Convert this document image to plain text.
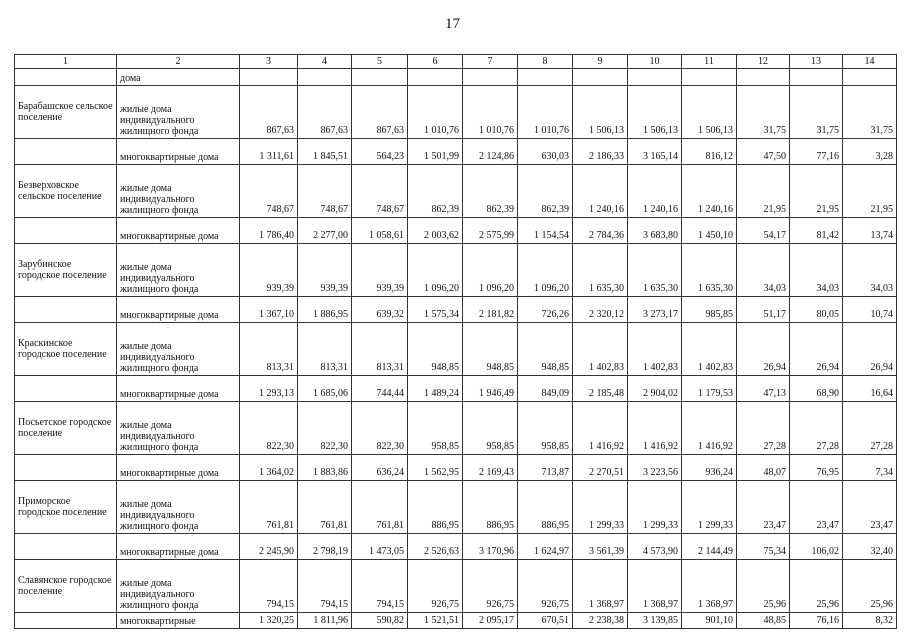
17
1	2	3	4	5	6	7	8	9	10	11	12	13	14
	дома												
Барабашское сельское поселение	жилые дома индивидуального жилищного фонда	867,63	867,63	867,63	1 010,76	1 010,76	1 010,76	1 506,13	1 506,13	1 506,13	31,75	31,75	31,75
	многоквартирные дома	1 311,61	1 845,51	564,23	1 501,99	2 124,86	630,03	2 186,33	3 165,14	816,12	47,50	77,16	3,28
Безверховское сельское поселение	жилые дома индивидуального жилищного фонда	748,67	748,67	748,67	862,39	862,39	862,39	1 240,16	1 240,16	1 240,16	21,95	21,95	21,95
	многоквартирные дома	1 786,40	2 277,00	1 058,61	2 003,62	2 575,99	1 154,54	2 784,36	3 683,80	1 450,10	54,17	81,42	13,74
Зарубинское городское поселение	жилые дома индивидуального жилищного фонда	939,39	939,39	939,39	1 096,20	1 096,20	1 096,20	1 635,30	1 635,30	1 635,30	34,03	34,03	34,03
	многоквартирные дома	1 367,10	1 886,95	639,32	1 575,34	2 181,82	726,26	2 320,12	3 273,17	985,85	51,17	80,05	10,74
Краскинское городское поселение	жилые дома индивидуального жилищного фонда	813,31	813,31	813,31	948,85	948,85	948,85	1 402,83	1 402,83	1 402,83	26,94	26,94	26,94
	многоквартирные дома	1 293,13	1 685,06	744,44	1 489,24	1 946,49	849,09	2 185,48	2 904,02	1 179,53	47,13	68,90	16,64
Посьетское городское поселение	жилые дома индивидуального жилищного фонда	822,30	822,30	822,30	958,85	958,85	958,85	1 416,92	1 416,92	1 416,92	27,28	27,28	27,28
	многоквартирные дома	1 364,02	1 883,86	636,24	1 562,95	2 169,43	713,87	2 270,51	3 223,56	936,24	48,07	76,95	7,34
Приморское городское поселение	жилые дома индивидуального жилищного фонда	761,81	761,81	761,81	886,95	886,95	886,95	1 299,33	1 299,33	1 299,33	23,47	23,47	23,47
	многоквартирные дома	2 245,90	2 798,19	1 473,05	2 526,63	3 170,96	1 624,97	3 561,39	4 573,90	2 144,49	75,34	106,02	32,40
Славянское городское поселение	жилые дома индивидуального жилищного фонда	794,15	794,15	794,15	926,75	926,75	926,75	1 368,97	1 368,97	1 368,97	25,96	25,96	25,96
	многоквартирные	1 320,25	1 811,96	590,82	1 521,51	2 095,17	670,51	2 238,38	3 139,85	901,10	48,85	76,16	8,32
